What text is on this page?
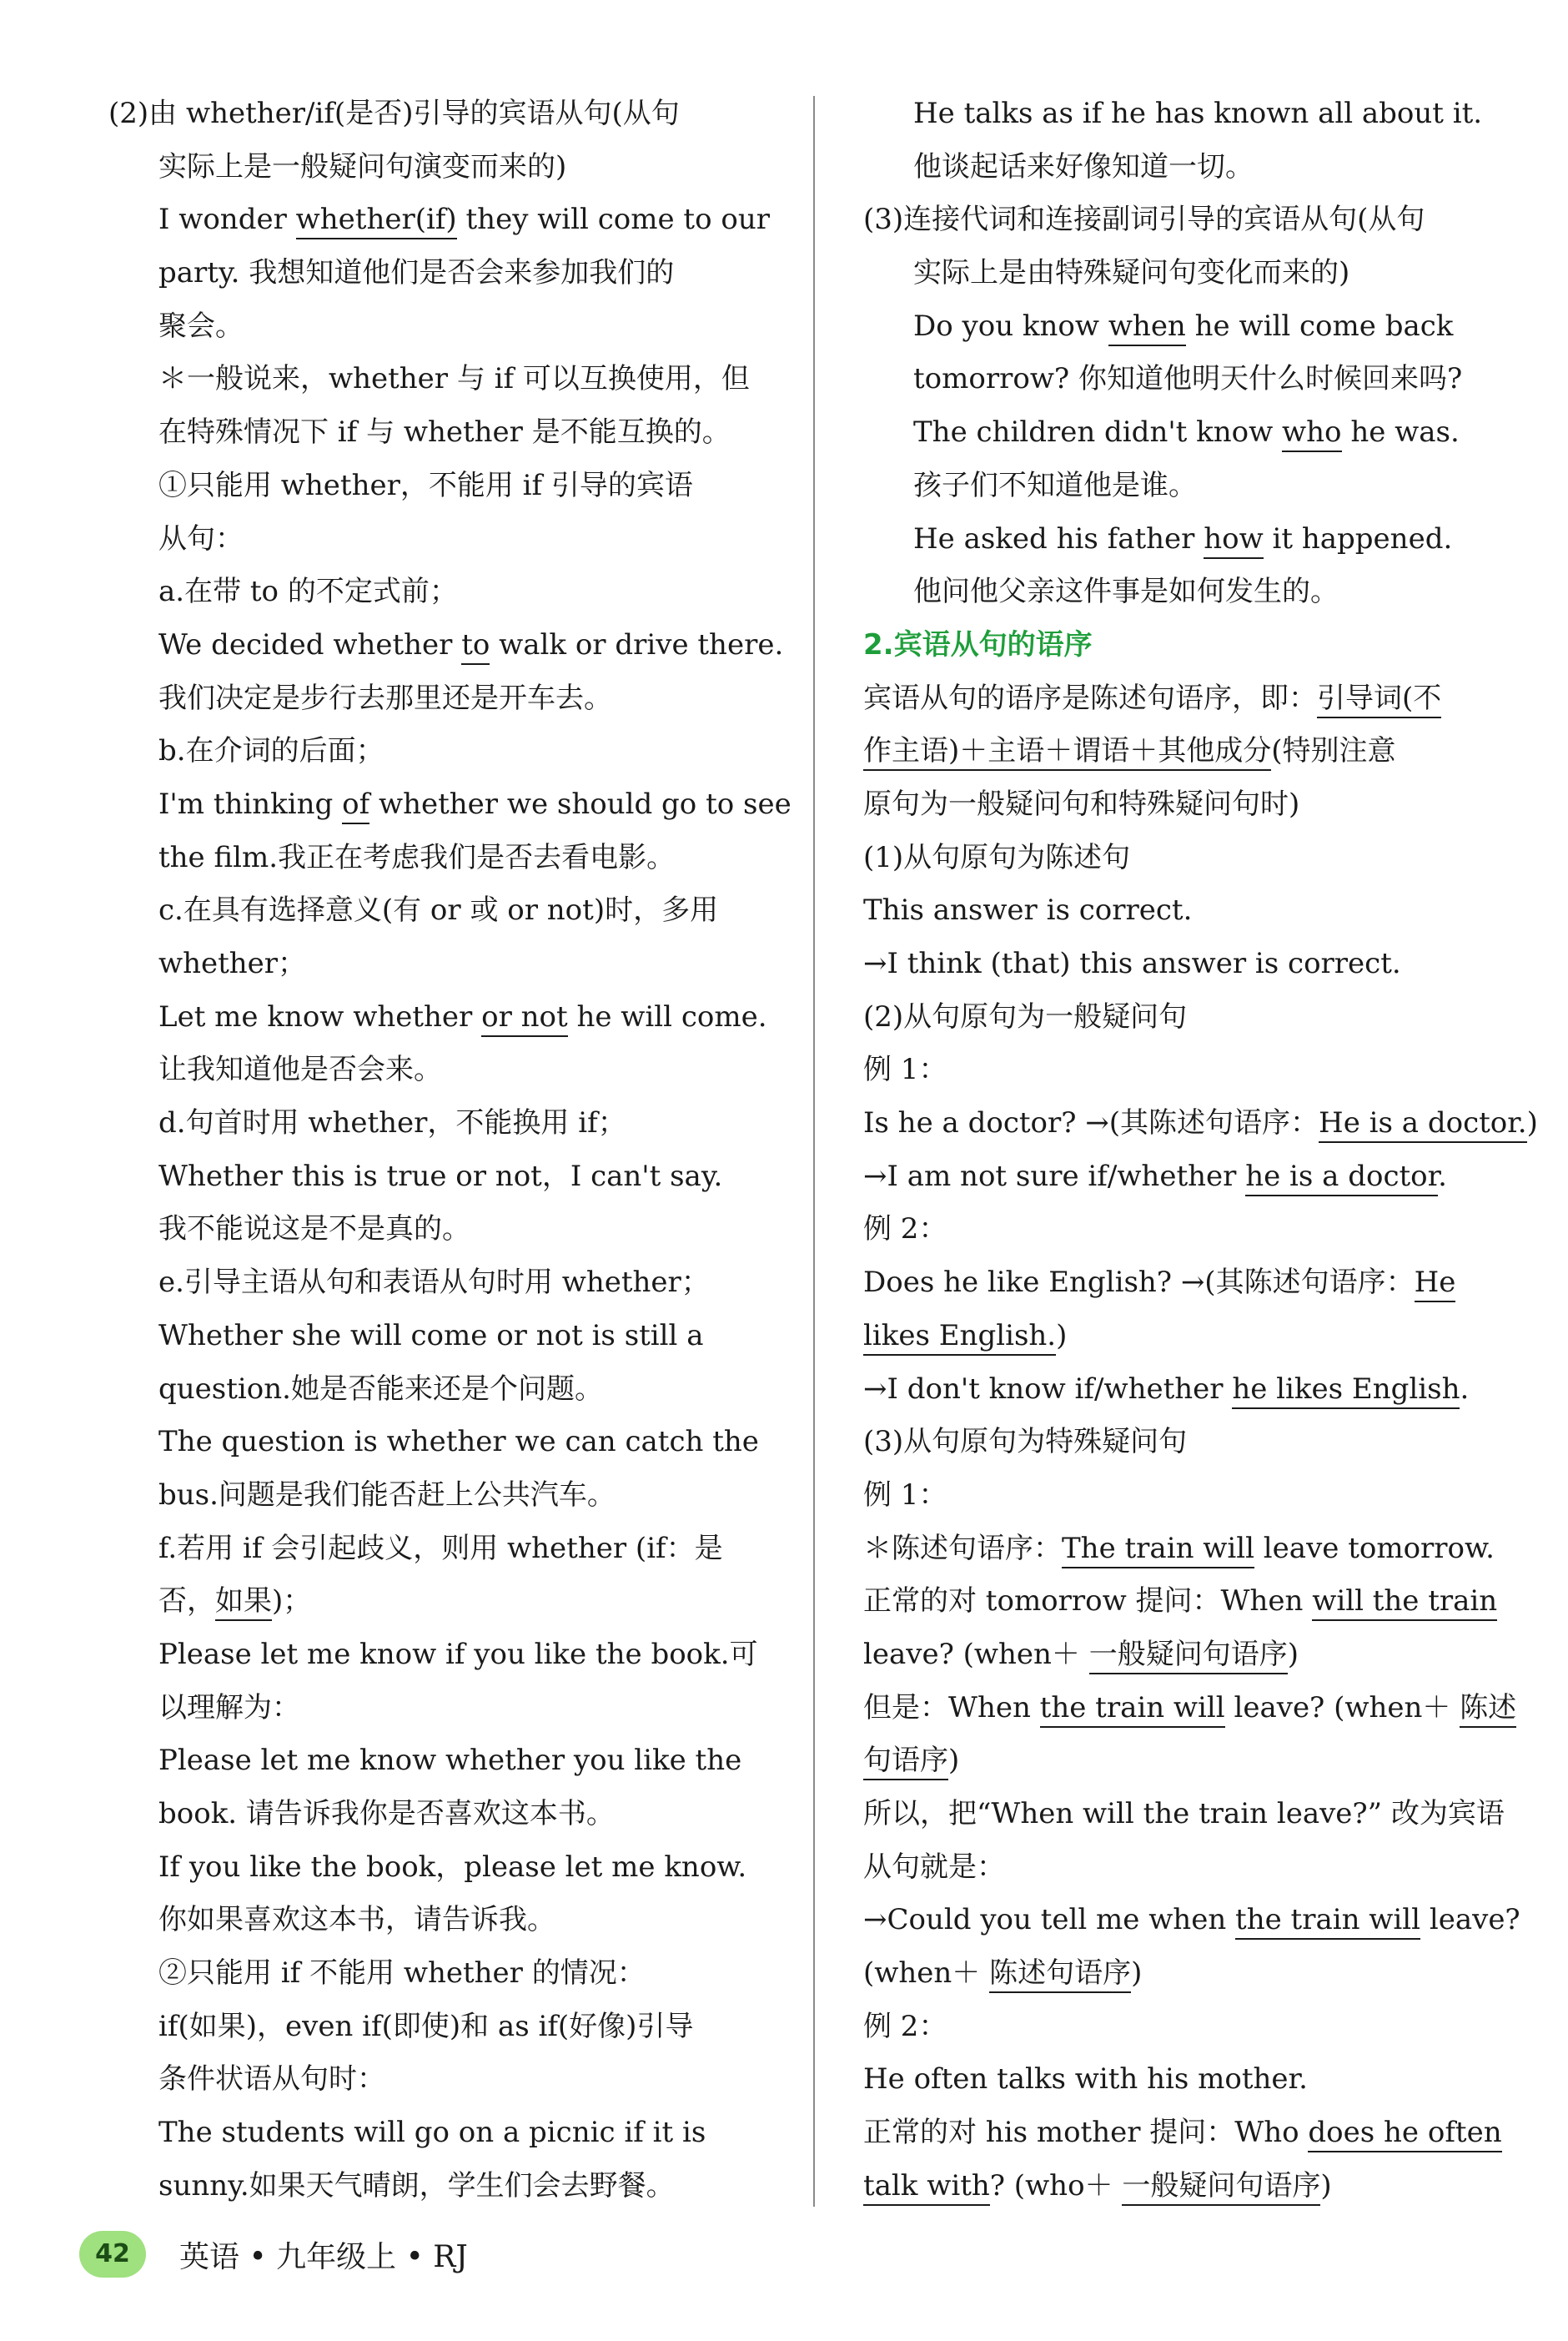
(2)由 whether/if(是否)引导的宾语从句(从句
实际上是一般疑问句演变而来的)
I wonder whether(if) they will come to our
party. 我想知道他们是否会来参加我们的
聚会。
＊一般说来，whether 与 if 可以互换使用，但
在特殊情况下 if 与 whether 是不能互换的。
①只能用 whether，不能用 if 引导的宾语
从句：
a.在带 to 的不定式前；
We decided whether to walk or drive there.
我们决定是步行去那里还是开车去。
b.在介词的后面；
I'm thinking of whether we should go to see
the film.我正在考虑我们是否去看电影。
c.在具有选择意义(有 or 或 or not)时，多用
whether；
Let me know whether or not he will come.
让我知道他是否会来。
d.句首时用 whether，不能换用 if；
Whether this is true or not，I can't say.
我不能说这是不是真的。
e.引导主语从句和表语从句时用 whether；
Whether she will come or not is still a
question.她是否能来还是个问题。
The question is whether we can catch the
bus.问题是我们能否赶上公共汽车。
f.若用 if 会引起歧义，则用 whether (if：是
否，如果)；
Please let me know if you like the book.可
以理解为：
Please let me know whether you like the
book. 请告诉我你是否喜欢这本书。
If you like the book，please let me know.
你如果喜欢这本书，请告诉我。
②只能用 if 不能用 whether 的情况：
if(如果)，even if(即使)和 as if(好像)引导
条件状语从句时：
The students will go on a picnic if it is
sunny.如果天气晴朗，学生们会去野餐。
He talks as if he has known all about it.
他谈起话来好像知道一切。
(3)连接代词和连接副词引导的宾语从句(从句
实际上是由特殊疑问句变化而来的)
Do you know when he will come back
tomorrow? 你知道他明天什么时候回来吗?
The children didn't know who he was.
孩子们不知道他是谁。
He asked his father how it happened.
他问他父亲这件事是如何发生的。
2.宾语从句的语序
宾语从句的语序是陈述句语序，即：引导词(不
作主语)＋主语＋谓语＋其他成分(特别注意
原句为一般疑问句和特殊疑问句时)
(1)从句原句为陈述句
This answer is correct.
→I think (that) this answer is correct.
(2)从句原句为一般疑问句
例 1：
Is he a doctor? →(其陈述句语序：He is a doctor.)
→I am not sure if/whether he is a doctor.
例 2：
Does he like English? →(其陈述句语序：He
likes English.)
→I don't know if/whether he likes English.
(3)从句原句为特殊疑问句
例 1：
＊陈述句语序：The train will leave tomorrow.
正常的对 tomorrow 提问：When will the train
leave? (when＋ 一般疑问句语序)
但是：When the train will leave? (when＋ 陈述
句语序)
所以，把“When will the train leave?” 改为宾语
从句就是：
→Could you tell me when the train will leave?
(when＋ 陈述句语序)
例 2：
He often talks with his mother.
正常的对 his mother 提问：Who does he often
talk with? (who＋ 一般疑问句语序)
42	英语 • 九年级上 • RJ
